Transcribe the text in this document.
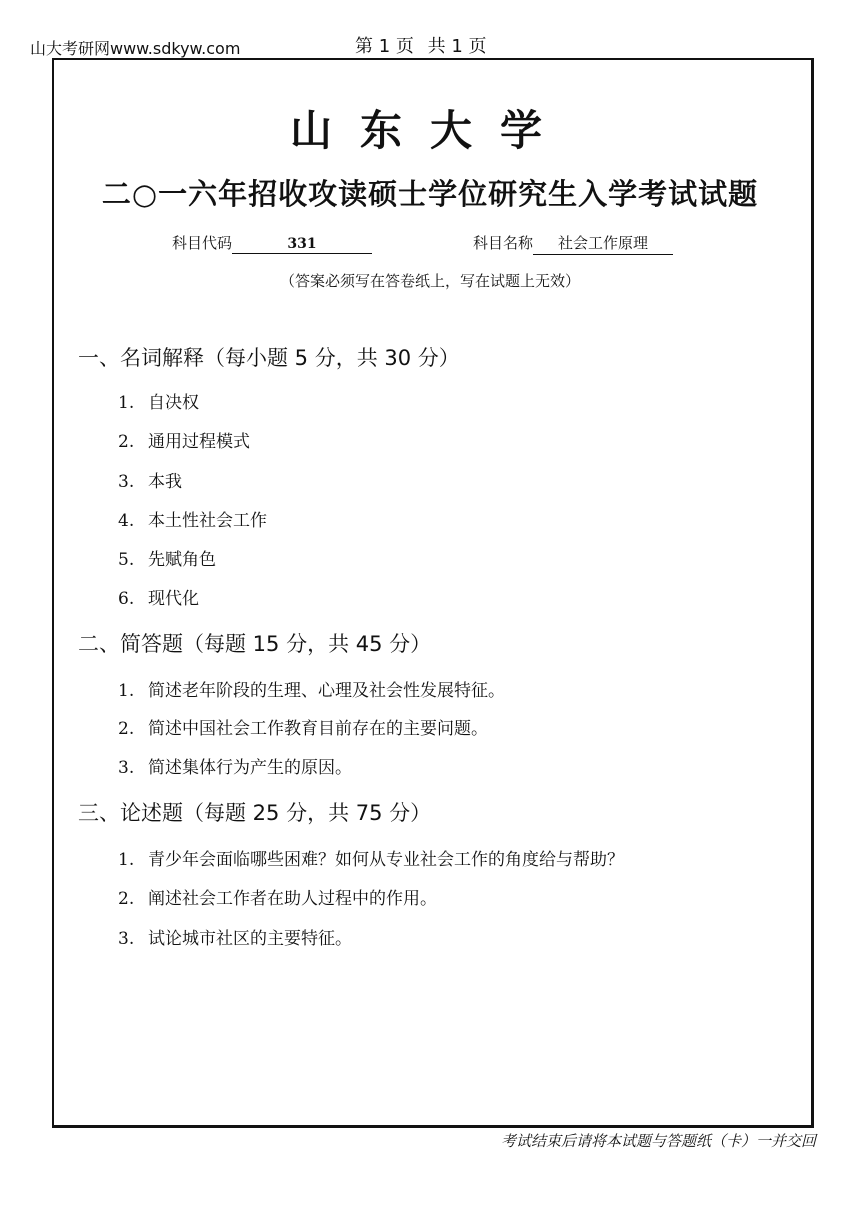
山大考研网www.sdkyw.com	第 1 页 共 1 页
山东大学
二○一六年招收攻读硕士学位研究生入学考试试题
科目代码	331	科目名称 社会工作原理
（答案必须写在答卷纸上，写在试题上无效）
一、名词解释（每小题 5 分，共 30 分）
1. 自决权
2. 通用过程模式
3. 本我
4. 本土性社会工作
5. 先赋角色
6. 现代化
二、简答题（每题 15 分，共 45 分）
1. 简述老年阶段的生理、心理及社会性发展特征。
2. 简述中国社会工作教育目前存在的主要问题。
3. 简述集体行为产生的原因。
三、论述题（每题 25 分，共 75 分）
1. 青少年会面临哪些困难？如何从专业社会工作的角度给与帮助？
2. 阐述社会工作者在助人过程中的作用。
3. 试论城市社区的主要特征。
考试结束后请将本试题与答题纸（卡）一并交回
